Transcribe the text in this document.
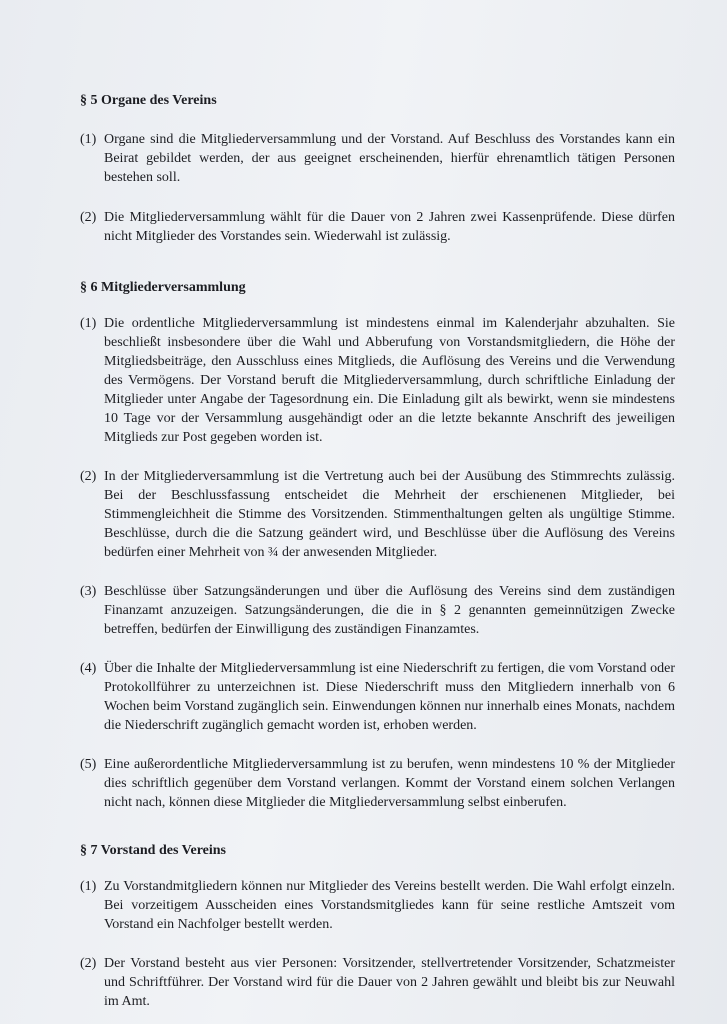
§ 5 Organe des Vereins

(1) Organe sind die Mitgliederversammlung und der Vorstand. Auf Beschluss des Vorstandes kann ein Beirat gebildet werden, der aus geeignet erscheinenden, hierfür ehrenamtlich tätigen Personen bestehen soll.

(2) Die Mitgliederversammlung wählt für die Dauer von 2 Jahren zwei Kassenprüfende. Diese dürfen nicht Mitglieder des Vorstandes sein. Wiederwahl ist zulässig.

§ 6 Mitgliederversammlung

(1) Die ordentliche Mitgliederversammlung ist mindestens einmal im Kalenderjahr abzuhalten. Sie beschließt insbesondere über die Wahl und Abberufung von Vorstandsmitgliedern, die Höhe der Mitgliedsbeiträge, den Ausschluss eines Mitglieds, die Auflösung des Vereins und die Verwendung des Vermögens. Der Vorstand beruft die Mitgliederversammlung, durch schriftliche Einladung der Mitglieder unter Angabe der Tagesordnung ein. Die Einladung gilt als bewirkt, wenn sie mindestens 10 Tage vor der Versammlung ausgehändigt oder an die letzte bekannte Anschrift des jeweiligen Mitglieds zur Post gegeben worden ist.

(2) In der Mitgliederversammlung ist die Vertretung auch bei der Ausübung des Stimmrechts zulässig. Bei der Beschlussfassung entscheidet die Mehrheit der erschienenen Mitglieder, bei Stimmengleichheit die Stimme des Vorsitzenden. Stimmenthaltungen gelten als ungültige Stimme. Beschlüsse, durch die die Satzung geändert wird, und Beschlüsse über die Auflösung des Vereins bedürfen einer Mehrheit von ¾ der anwesenden Mitglieder.

(3) Beschlüsse über Satzungsänderungen und über die Auflösung des Vereins sind dem zuständigen Finanzamt anzuzeigen. Satzungsänderungen, die die in § 2 genannten gemeinnützigen Zwecke betreffen, bedürfen der Einwilligung des zuständigen Finanzamtes.

(4) Über die Inhalte der Mitgliederversammlung ist eine Niederschrift zu fertigen, die vom Vorstand oder Protokollführer zu unterzeichnen ist. Diese Niederschrift muss den Mitgliedern innerhalb von 6 Wochen beim Vorstand zugänglich sein. Einwendungen können nur innerhalb eines Monats, nachdem die Niederschrift zugänglich gemacht worden ist, erhoben werden.

(5) Eine außerordentliche Mitgliederversammlung ist zu berufen, wenn mindestens 10 % der Mitglieder dies schriftlich gegenüber dem Vorstand verlangen. Kommt der Vorstand einem solchen Verlangen nicht nach, können diese Mitglieder die Mitgliederversammlung selbst einberufen.

§ 7 Vorstand des Vereins

(1) Zu Vorstandmitgliedern können nur Mitglieder des Vereins bestellt werden. Die Wahl erfolgt einzeln. Bei vorzeitigem Ausscheiden eines Vorstandsmitgliedes kann für seine restliche Amtszeit vom Vorstand ein Nachfolger bestellt werden.

(2) Der Vorstand besteht aus vier Personen: Vorsitzender, stellvertretender Vorsitzender, Schatzmeister und Schriftführer. Der Vorstand wird für die Dauer von 2 Jahren gewählt und bleibt bis zur Neuwahl im Amt.
